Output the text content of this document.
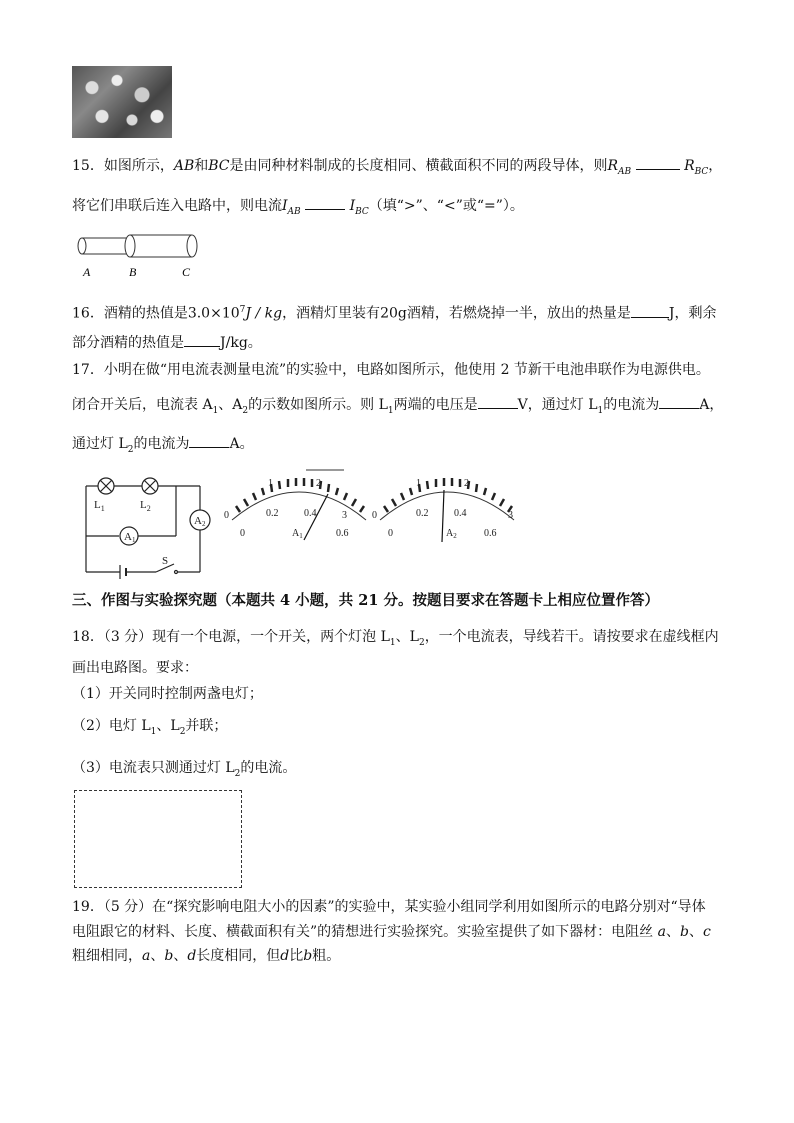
15．如图所示，AB和BC是由同种材料制成的长度相同、横截面积不同的两段导体，则$R_{AB}$	$R_{BC}$，
将它们串联后连入电路中，则电流$I_{AB}$	$I_{BC}$（填“>”、“<”或“=”）。
A	B	C
16．酒精的热值是$3.0\times 10^7J$ / kg，酒精灯里装有20g酒精，若燃烧掉一半，放出的热量是	J，剩余
部分酒精的热值是	J/kg。
17．小明在做“用电流表测量电流”的实验中，电路如图所示，他使用 2 节新干电池串联作为电源供电。
闭合开关后，电流表 $A_1$、$A_2$的示数如图所示。则 $L_1$两端的电压是	V，通过灯 $L_1$的电流为	A，
通过灯 $L_2$的电流为	A。
$L_1$	$L_2$
A1
A2
S
0
1	2
3
0
0.2	0.4
0.6
$A_1$
0
1	2
3
0
0.2	0.4
0.6
$A_2$
三、作图与实验探究题（本题共 4 小题，共 21 分。按题目要求在答题卡上相应位置作答）
18．（3 分）现有一个电源，一个开关，两个灯泡 $L_1$、$L_2$，一个电流表，导线若干。请按要求在虚线框内
画出电路图。要求：
（1）开关同时控制两盏电灯；
（2）电灯 $L_1$、$L_2$并联；
（3）电流表只测通过灯 $L_2$的电流。
19．（5 分）在“探究影响电阻大小的因素”的实验中，某实验小组同学利用如图所示的电路分别对“导体
电阻跟它的材料、长度、横截面积有关”的猜想进行实验探究。实验室提供了如下器材：电阻丝 a、b、c
粗细相同，a、b、d长度相同，但d比b粗。
